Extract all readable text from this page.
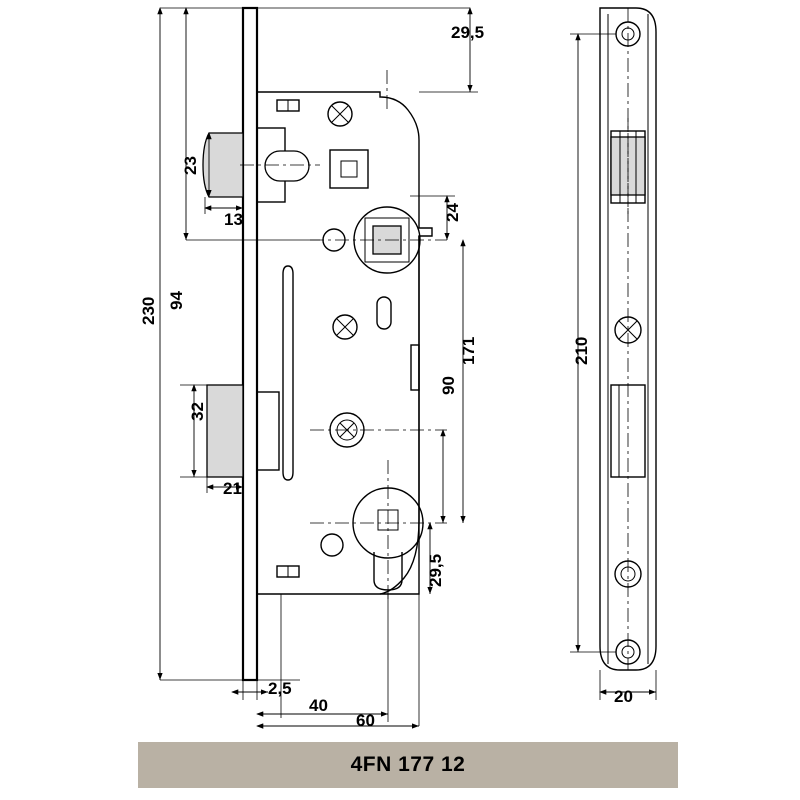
29,5
23
13	24
230 94
32
21
171
90
29,5
2,5
40
60
210
20
4FN 177 12
